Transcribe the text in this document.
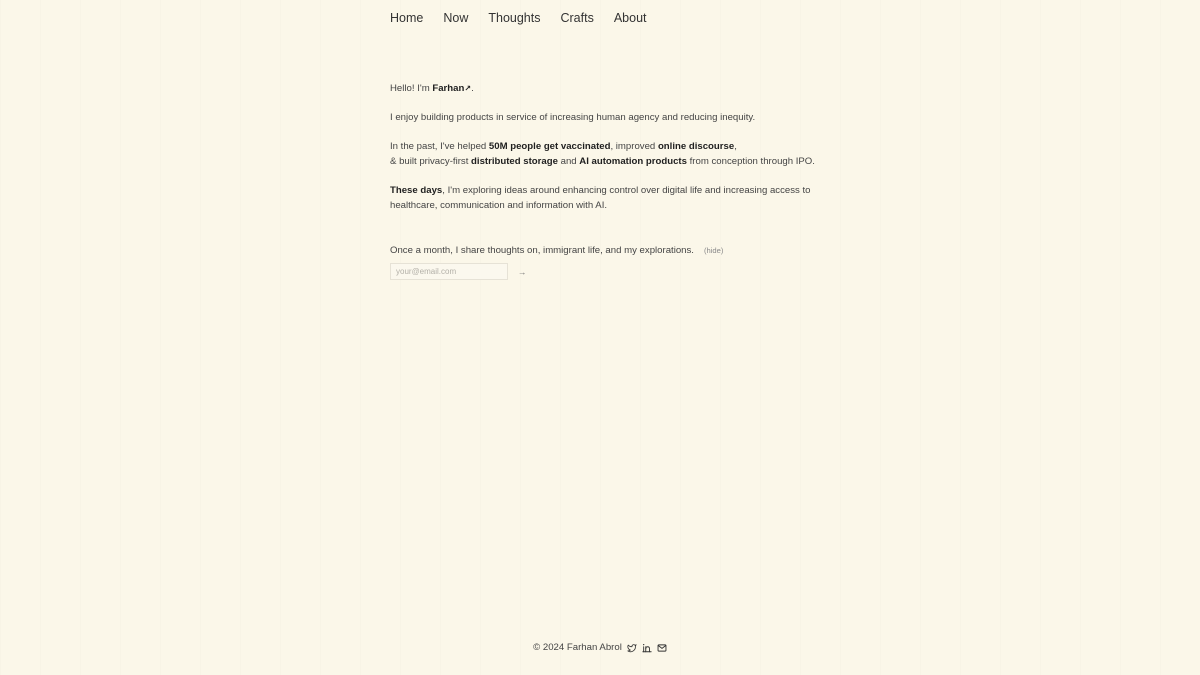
Home Now Thoughts Crafts About

Hello! I'm Farhan↗.

I enjoy building products in service of increasing human agency and reducing inequity.

In the past, I've helped 50M people get vaccinated, improved online discourse,
& built privacy-first distributed storage and AI automation products from conception through IPO.

These days, I'm exploring ideas around enhancing control over digital life and increasing access to healthcare, communication and information with AI.

Once a month, I share thoughts on, immigrant life, and my explorations. (hide)
your@email.com
→
© 2024 Farhan Abrol
